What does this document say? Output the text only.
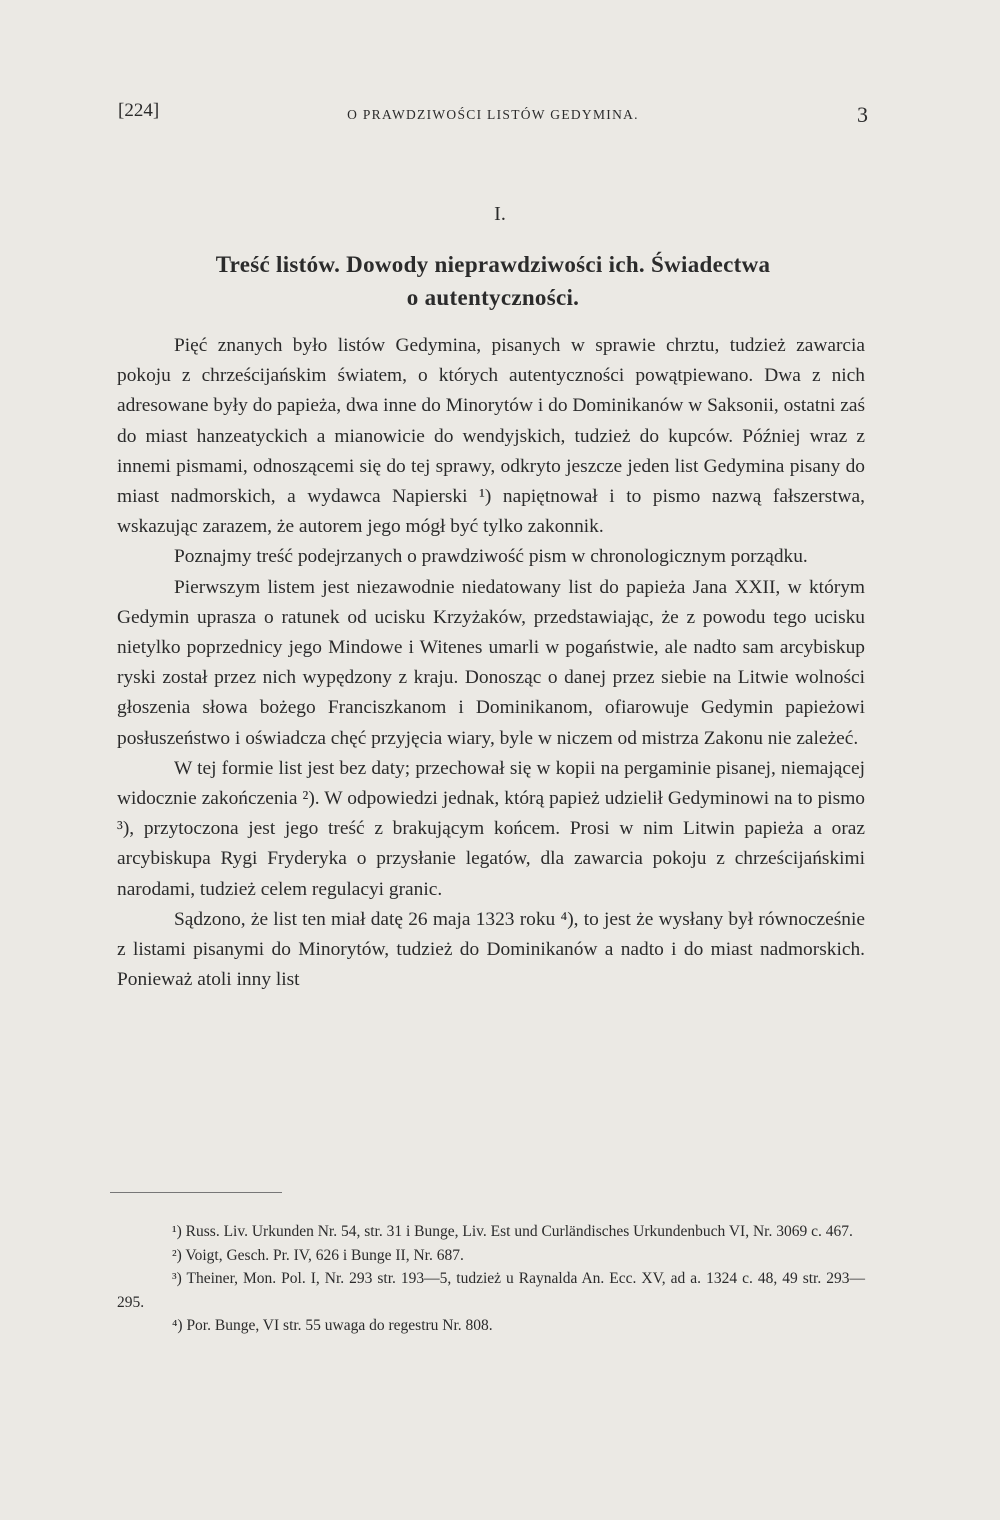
[224]	O PRAWDZIWOŚCI LISTÓW GEDYMINA.	3
I.
Treść listów. Dowody nieprawdziwości ich. Świadectwa
o autentyczności.

Pięć znanych było listów Gedymina, pisanych w sprawie chrztu, tudzież zawarcia pokoju z chrześcijańskim światem, o których autentyczności powątpiewano. Dwa z nich adresowane były do papieża, dwa inne do Minorytów i do Dominikanów w Saksonii, ostatni zaś do miast hanzeatyckich a mianowicie do wendyjskich, tudzież do kupców. Później wraz z innemi pismami, odnoszącemi się do tej sprawy, odkryto jeszcze jeden list Gedymina pisany do miast nadmorskich, a wydawca Napierski ¹) napiętnował i to pismo nazwą fałszerstwa, wskazując zarazem, że autorem jego mógł być tylko zakonnik.

Poznajmy treść podejrzanych o prawdziwość pism w chronologicznym porządku.

Pierwszym listem jest niezawodnie niedatowany list do papieża Jana XXII, w którym Gedymin uprasza o ratunek od ucisku Krzyżaków, przedstawiając, że z powodu tego ucisku nietylko poprzednicy jego Mindowe i Witenes umarli w pogaństwie, ale nadto sam arcybiskup ryski został przez nich wypędzony z kraju. Donosząc o danej przez siebie na Litwie wolności głoszenia słowa bożego Franciszkanom i Dominikanom, ofiarowuje Gedymin papieżowi posłuszeństwo i oświadcza chęć przyjęcia wiary, byle w niczem od mistrza Zakonu nie zależeć.

W tej formie list jest bez daty; przechował się w kopii na pergaminie pisanej, niemającej widocznie zakończenia ²). W odpowiedzi jednak, którą papież udzielił Gedyminowi na to pismo ³), przytoczona jest jego treść z brakującym końcem. Prosi w nim Litwin papieża a oraz arcybiskupa Rygi Fryderyka o przysłanie legatów, dla zawarcia pokoju z chrześcijańskimi narodami, tudzież celem regulacyi granic.

Sądzono, że list ten miał datę 26 maja 1323 roku ⁴), to jest że wysłany był równocześnie z listami pisanymi do Minorytów, tudzież do Dominikanów a nadto i do miast nadmorskich. Ponieważ atoli inny list

¹) Russ. Liv. Urkunden Nr. 54, str. 31 i Bunge, Liv. Est und Curländisches Urkundenbuch VI, Nr. 3069 c. 467.

²) Voigt, Gesch. Pr. IV, 626 i Bunge II, Nr. 687.

³) Theiner, Mon. Pol. I, Nr. 293 str. 193—5, tudzież u Raynalda An. Ecc. XV, ad a. 1324 c. 48, 49 str. 293—295.

⁴) Por. Bunge, VI str. 55 uwaga do regestru Nr. 808.
